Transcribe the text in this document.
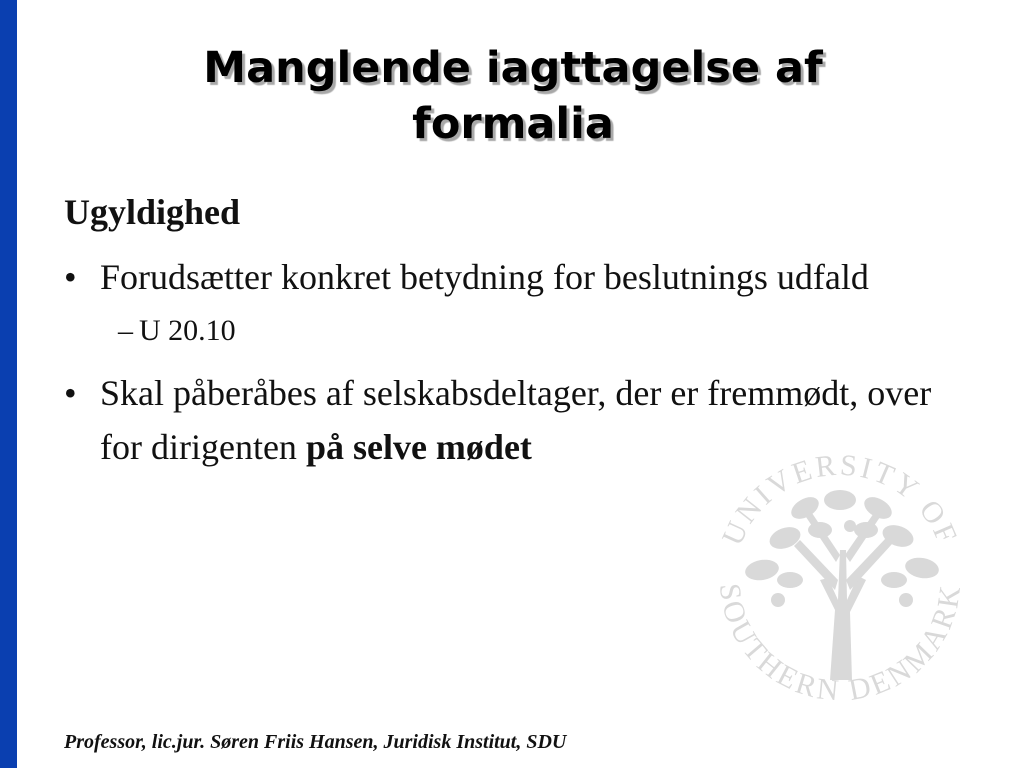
Manglende iagttagelse af
formalia
UNIVERSITY OF
SOUTHERN DENMARK

Ugyldighed

• Forudsætter konkret betydning for beslutnings udfald

– U 20.10

• Skal påberåbes af selskabsdeltager, der er fremmødt, over for dirigenten på selve mødet

Professor, lic.jur. Søren Friis Hansen, Juridisk Institut, SDU
